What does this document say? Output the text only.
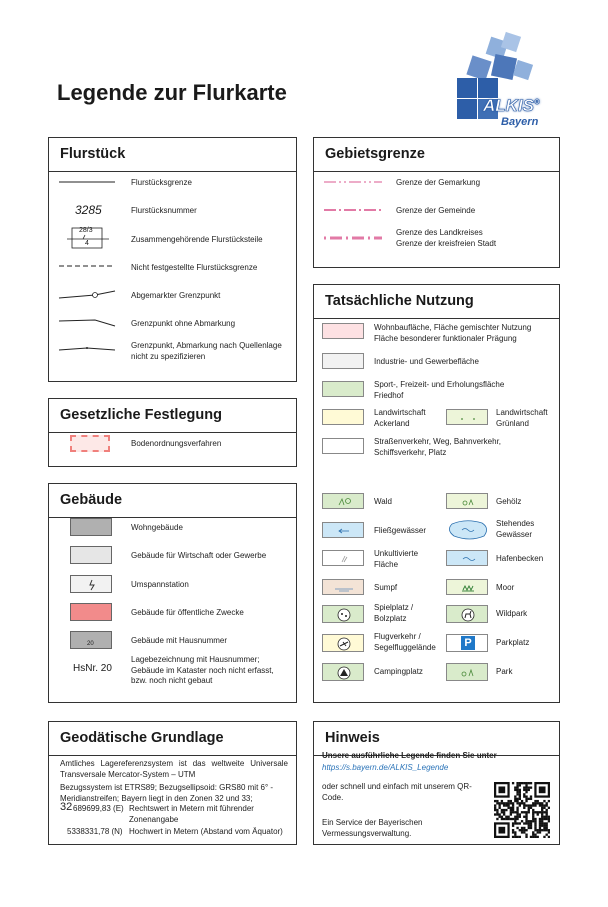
Legende zur Flurkarte
ALKIS®
Bayern
Flurstück
3285
28/3
4
Flurstücksgrenze
Flurstücksnummer
Zusammengehörende Flurstücksteile
Nicht festgestellte Flurstücksgrenze
Abgemarkter Grenzpunkt
Grenzpunkt ohne Abmarkung
Grenzpunkt, Abmarkung nach Quellenlage nicht zu spezifizieren
Gesetzliche Festlegung
Bodenordnungsverfahren
Gebäude
20
HsNr. 20
Wohngebäude
Gebäude für Wirtschaft oder Gewerbe
Umspannstation
Gebäude für öffentliche Zwecke
Gebäude mit Hausnummer
Lagebezeichnung mit Hausnummer; Gebäude im Kataster noch nicht erfasst, bzw. noch nicht gebaut
Gebietsgrenze
Grenze der Gemarkung
Grenze der Gemeinde
Grenze des Landkreises Grenze der kreisfreien Stadt
Tatsächliche Nutzung
Wohnbaufläche, Fläche gemischter Nutzung Fläche besonderer funktionaler Prägung
Industrie- und Gewerbefläche
Sport-, Freizeit- und Erholungsfläche Friedhof
Landwirtschaft Ackerland
Landwirtschaft Grünland
Straßenverkehr, Weg, Bahnverkehr, Schiffsverkehr, Platz
Wald
Fließgewässer
Unkultivierte Fläche
Sumpf
Spielplatz / Bolzplatz
Flugverkehr / Segelfluggelände
Campingplatz
Gehölz
Stehendes Gewässer
Hafenbecken
Moor
Wildpark
P	Parkplatz
Park
Geodätische Grundlage
Amtliches Lagereferenzsystem ist das weltweite Universale Transversale Mercator-System – UTM
Bezugssystem ist ETRS89; Bezugsellipsoid: GRS80 mit 6° - Meridianstreifen; Bayern liegt in den Zonen 32 und 33;
32 689699,83 (E) Rechtswert in Metern mit führender Zonenangabe
5338331,78 (N) Hochwert in Metern (Abstand vom Äquator)
Hinweis
Unsere ausführliche Legende finden Sie unter
https://s.bayern.de/ALKIS_Legende
oder schnell und einfach mit unserem QR-Code.
Ein Service der Bayerischen Vermessungsverwaltung.
